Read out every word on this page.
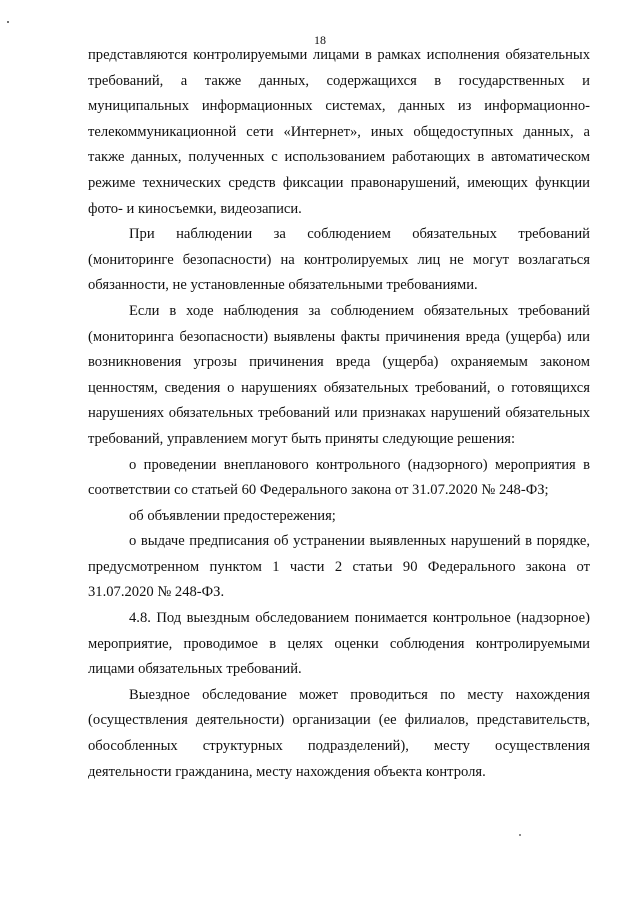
18

представляются контролируемыми лицами в рамках исполнения обязательных требований, а также данных, содержащихся в государственных и муниципальных информационных системах, данных из информационно-телекоммуникационной сети «Интернет», иных общедоступных данных, а также данных, полученных с использованием работающих в автоматическом режиме технических средств фиксации правонарушений, имеющих функции фото- и киносъемки, видеозаписи.

При наблюдении за соблюдением обязательных требований (мониторинге безопасности) на контролируемых лиц не могут возлагаться обязанности, не установленные обязательными требованиями.

Если в ходе наблюдения за соблюдением обязательных требований (мониторинга безопасности) выявлены факты причинения вреда (ущерба) или возникновения угрозы причинения вреда (ущерба) охраняемым законом ценностям, сведения о нарушениях обязательных требований, о готовящихся нарушениях обязательных требований или признаках нарушений обязательных требований, управлением могут быть приняты следующие решения:

о проведении внепланового контрольного (надзорного) мероприятия в соответствии со статьей 60 Федерального закона от 31.07.2020 № 248-ФЗ;

об объявлении предостережения;

о выдаче предписания об устранении выявленных нарушений в порядке, предусмотренном пунктом 1 части 2 статьи 90 Федерального закона от 31.07.2020 № 248-ФЗ.

4.8. Под выездным обследованием понимается контрольное (надзорное) мероприятие, проводимое в целях оценки соблюдения контролируемыми лицами обязательных требований.

Выездное обследование может проводиться по месту нахождения (осуществления деятельности) организации (ее филиалов, представительств, обособленных структурных подразделений), месту осуществления деятельности гражданина, месту нахождения объекта контроля.
